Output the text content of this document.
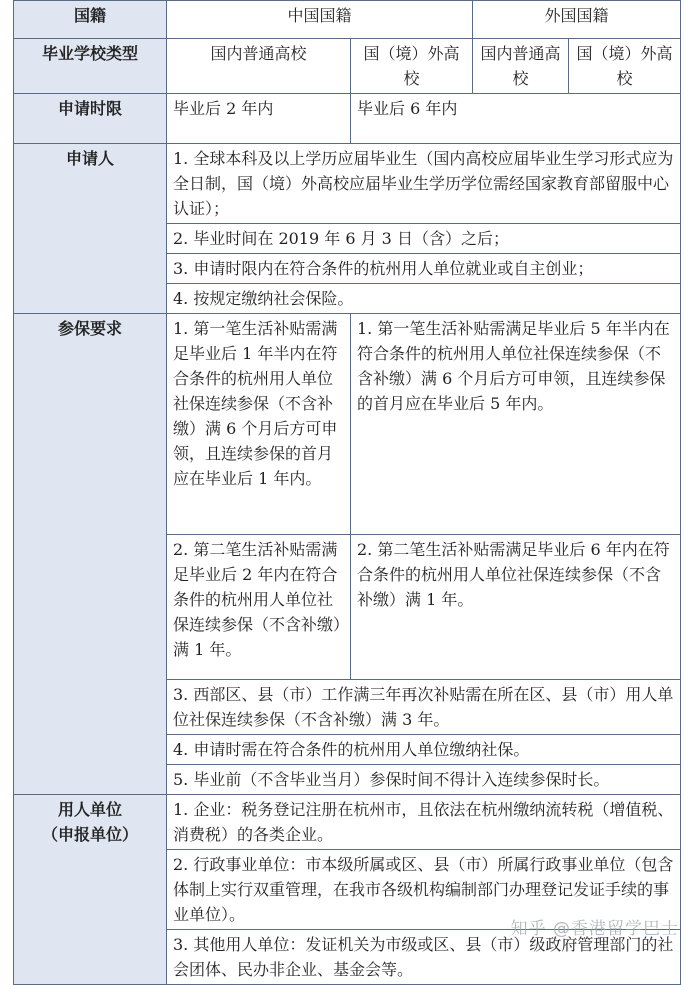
国籍	中国国籍		外国国籍	
毕业学校类型	国内普通高校	国（境）外高校	国内普通高校	国（境）外高校
申请时限	毕业后 2 年内	毕业后 6 年内		
申请人	1. 全球本科及以上学历应届毕业生（国内高校应届毕业生学习形式应为全日制，国（境）外高校应届毕业生学历学位需经国家教育部留服中心认证）；			
	2. 毕业时间在 2019 年 6 月 3 日（含）之后；			
	3. 申请时限内在符合条件的杭州用人单位就业或自主创业；			
	4. 按规定缴纳社会保险。			
参保要求	1. 第一笔生活补贴需满足毕业后 1 年半内在符合条件的杭州用人单位社保连续参保（不含补缴）满 6 个月后方可申领，且连续参保的首月应在毕业后 1 年内。	1. 第一笔生活补贴需满足毕业后 5 年半内在符合条件的杭州用人单位社保连续参保（不含补缴）满 6 个月后方可申领，且连续参保的首月应在毕业后 5 年内。		
	2. 第二笔生活补贴需满足毕业后 2 年内在符合条件的杭州用人单位社保连续参保（不含补缴）满 1 年。	2. 第二笔生活补贴需满足毕业后 6 年内在符合条件的杭州用人单位社保连续参保（不含补缴）满 1 年。		
	3. 西部区、县（市）工作满三年再次补贴需在所在区、县（市）用人单位社保连续参保（不含补缴）满 3 年。			
	4. 申请时需在符合条件的杭州用人单位缴纳社保。			
	5. 毕业前（不含毕业当月）参保时间不得计入连续参保时长。			

用人单位
（申报单位）	1. 企业：税务登记注册在杭州市，且依法在杭州缴纳流转税（增值税、消费税）的各类企业。			
	2. 行政事业单位：市本级所属或区、县（市）所属行政事业单位（包含体制上实行双重管理，在我市各级机构编制部门办理登记发证手续的事业单位）。			
	3. 其他用人单位：发证机关为市级或区、县（市）级政府管理部门的社会团体、民办非企业、基金会等。			
知乎 @香港留学巴士
